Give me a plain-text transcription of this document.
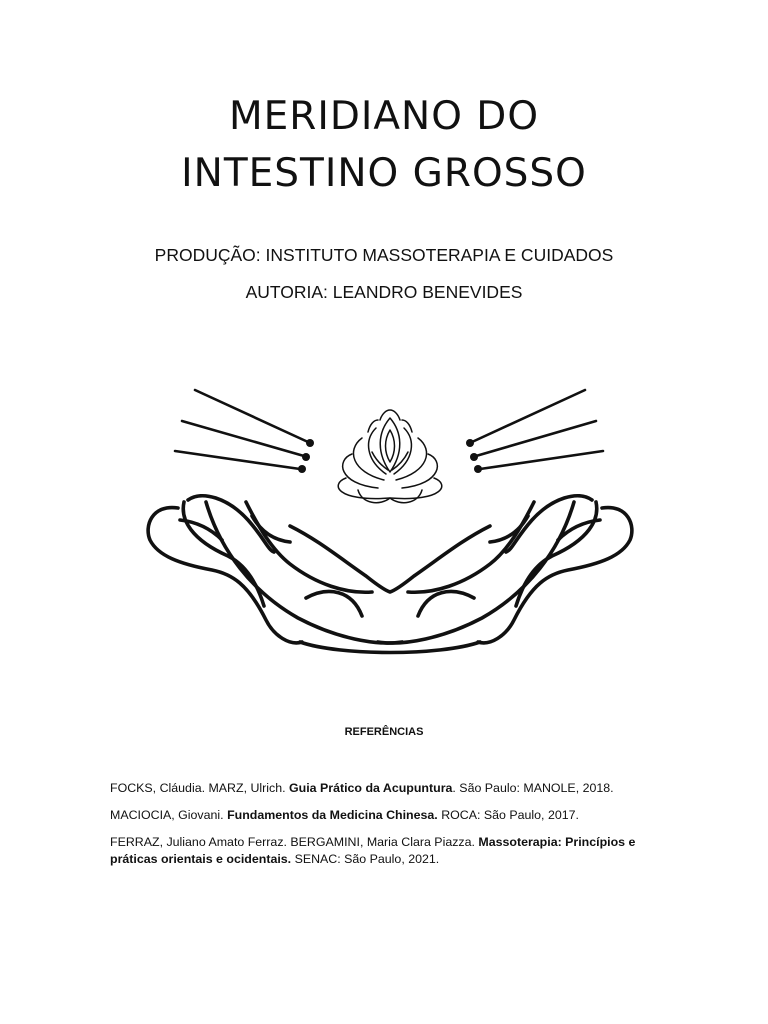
MERIDIANO DO
INTESTINO GROSSO
PRODUÇÃO: INSTITUTO MASSOTERAPIA E CUIDADOS
AUTORIA: LEANDRO BENEVIDES
REFERÊNCIAS
FOCKS, Cláudia. MARZ, Ulrich. Guia Prático da Acupuntura. São Paulo: MANOLE, 2018.
MACIOCIA, Giovani. Fundamentos da Medicina Chinesa. ROCA: São Paulo, 2017.
FERRAZ, Juliano Amato Ferraz. BERGAMINI, Maria Clara Piazza. Massoterapia: Princípios e práticas orientais e ocidentais. SENAC: São Paulo, 2021.
